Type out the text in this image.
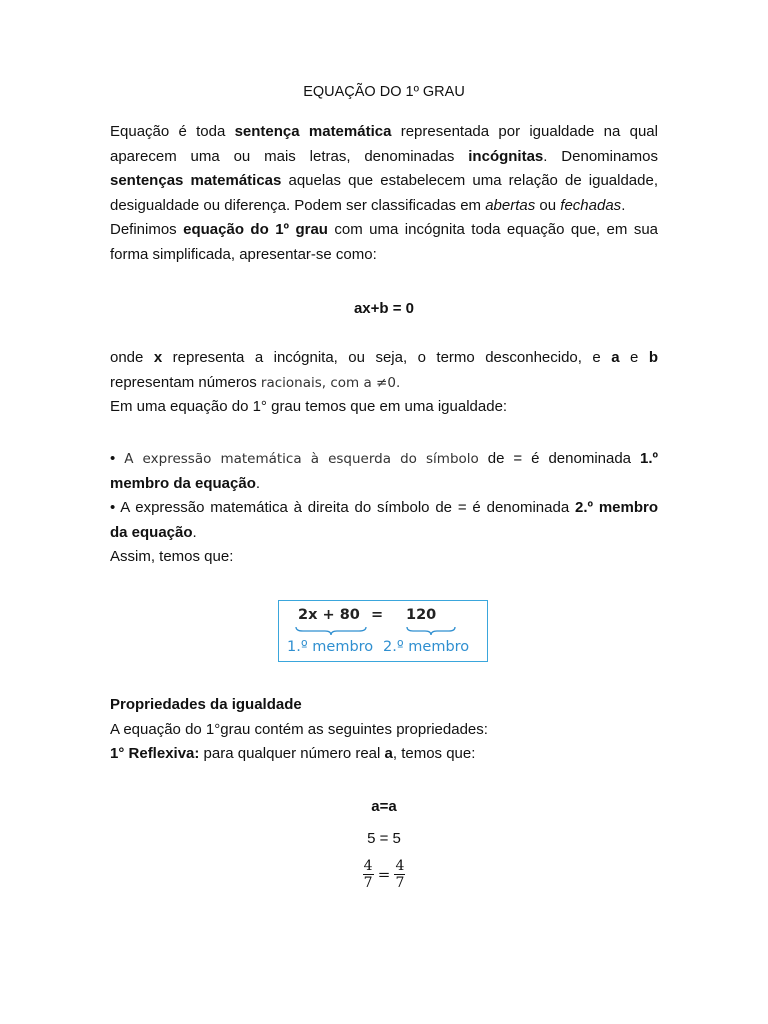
EQUAÇÃO DO 1º GRAU
Equação é toda sentença matemática representada por igualdade na qual
aparecem uma ou mais letras, denominadas incógnitas. Denominamos
sentenças matemáticas aquelas que estabelecem uma relação de igualdade,
desigualdade ou diferença. Podem ser classificadas em abertas ou fechadas.
Definimos equação do 1º grau com uma incógnita toda equação que, em sua
forma simplificada, apresentar-se como:
ax+b = 0
onde x representa a incógnita, ou seja, o termo desconhecido, e a e b
representam números racionais, com a ≠0.
Em uma equação do 1° grau temos que em uma igualdade:
• A expressão matemática à esquerda do símbolo de = é denominada 1.º
membro da equação.
• A expressão matemática à direita do símbolo de = é denominada 2.º membro
da equação.
Assim, temos que:
2x + 80 = 120
1.º membro 2.º membro
Propriedades da igualdade
A equação do 1°grau contém as seguintes propriedades:
1° Reflexiva: para qualquer número real a, temos que:
a=a
5 = 5
$\frac{4}{7} = \frac{4}{7}$
